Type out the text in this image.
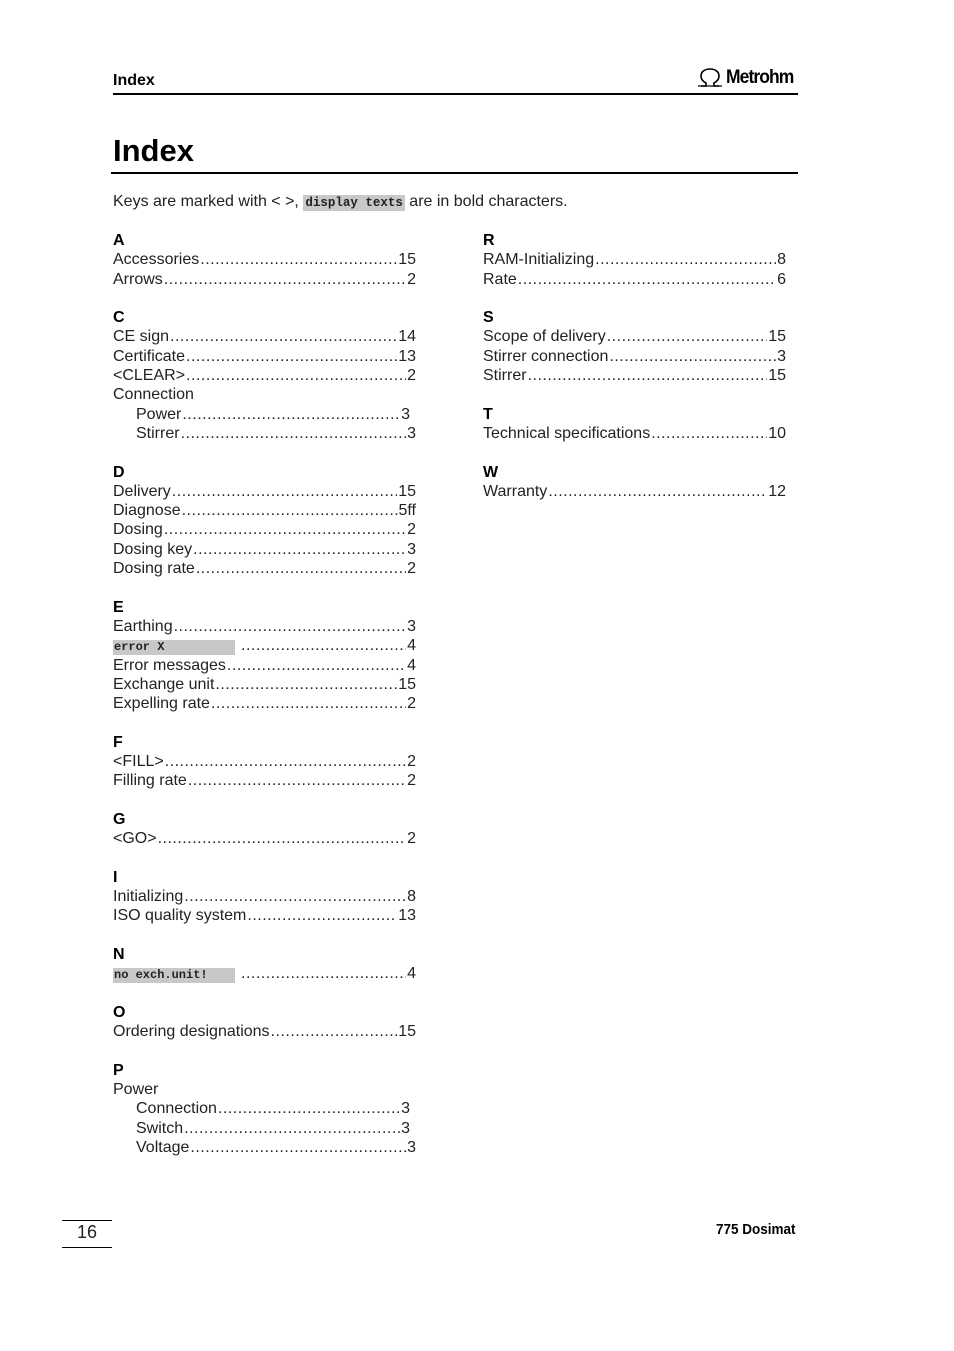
Index	Metrohm
Index
Keys are marked with < >, display texts are in bold characters.
A
Accessories .....	15
Arrows .....	2
C
CE sign .....	14
Certificate .....	13
<CLEAR> .....	2
Connection
Power .....	3
Stirrer .....	3
D
Delivery .....	15
Diagnose .....	5ff
Dosing .....	2
Dosing key .....	3
Dosing rate .....	2
E
Earthing .....	3
error X .....	4
Error messages .....	4
Exchange unit .....	15
Expelling rate .....	2
F
<FILL> .....	2
Filling rate .....	2
G
<GO> .....	2
I
Initializing .....	8
ISO quality system .....	13
N
no exch.unit! .....	4
O
Ordering designations .....	15
P
Power
Connection .....	3
Switch .....	3
Voltage .....	3
R
RAM-Initializing .....	8
Rate .....	6
S
Scope of delivery .....	15
Stirrer connection .....	3
Stirrer .....	15
T
Technical specifications .....	10
W
Warranty .....	12
16	775 Dosimat
